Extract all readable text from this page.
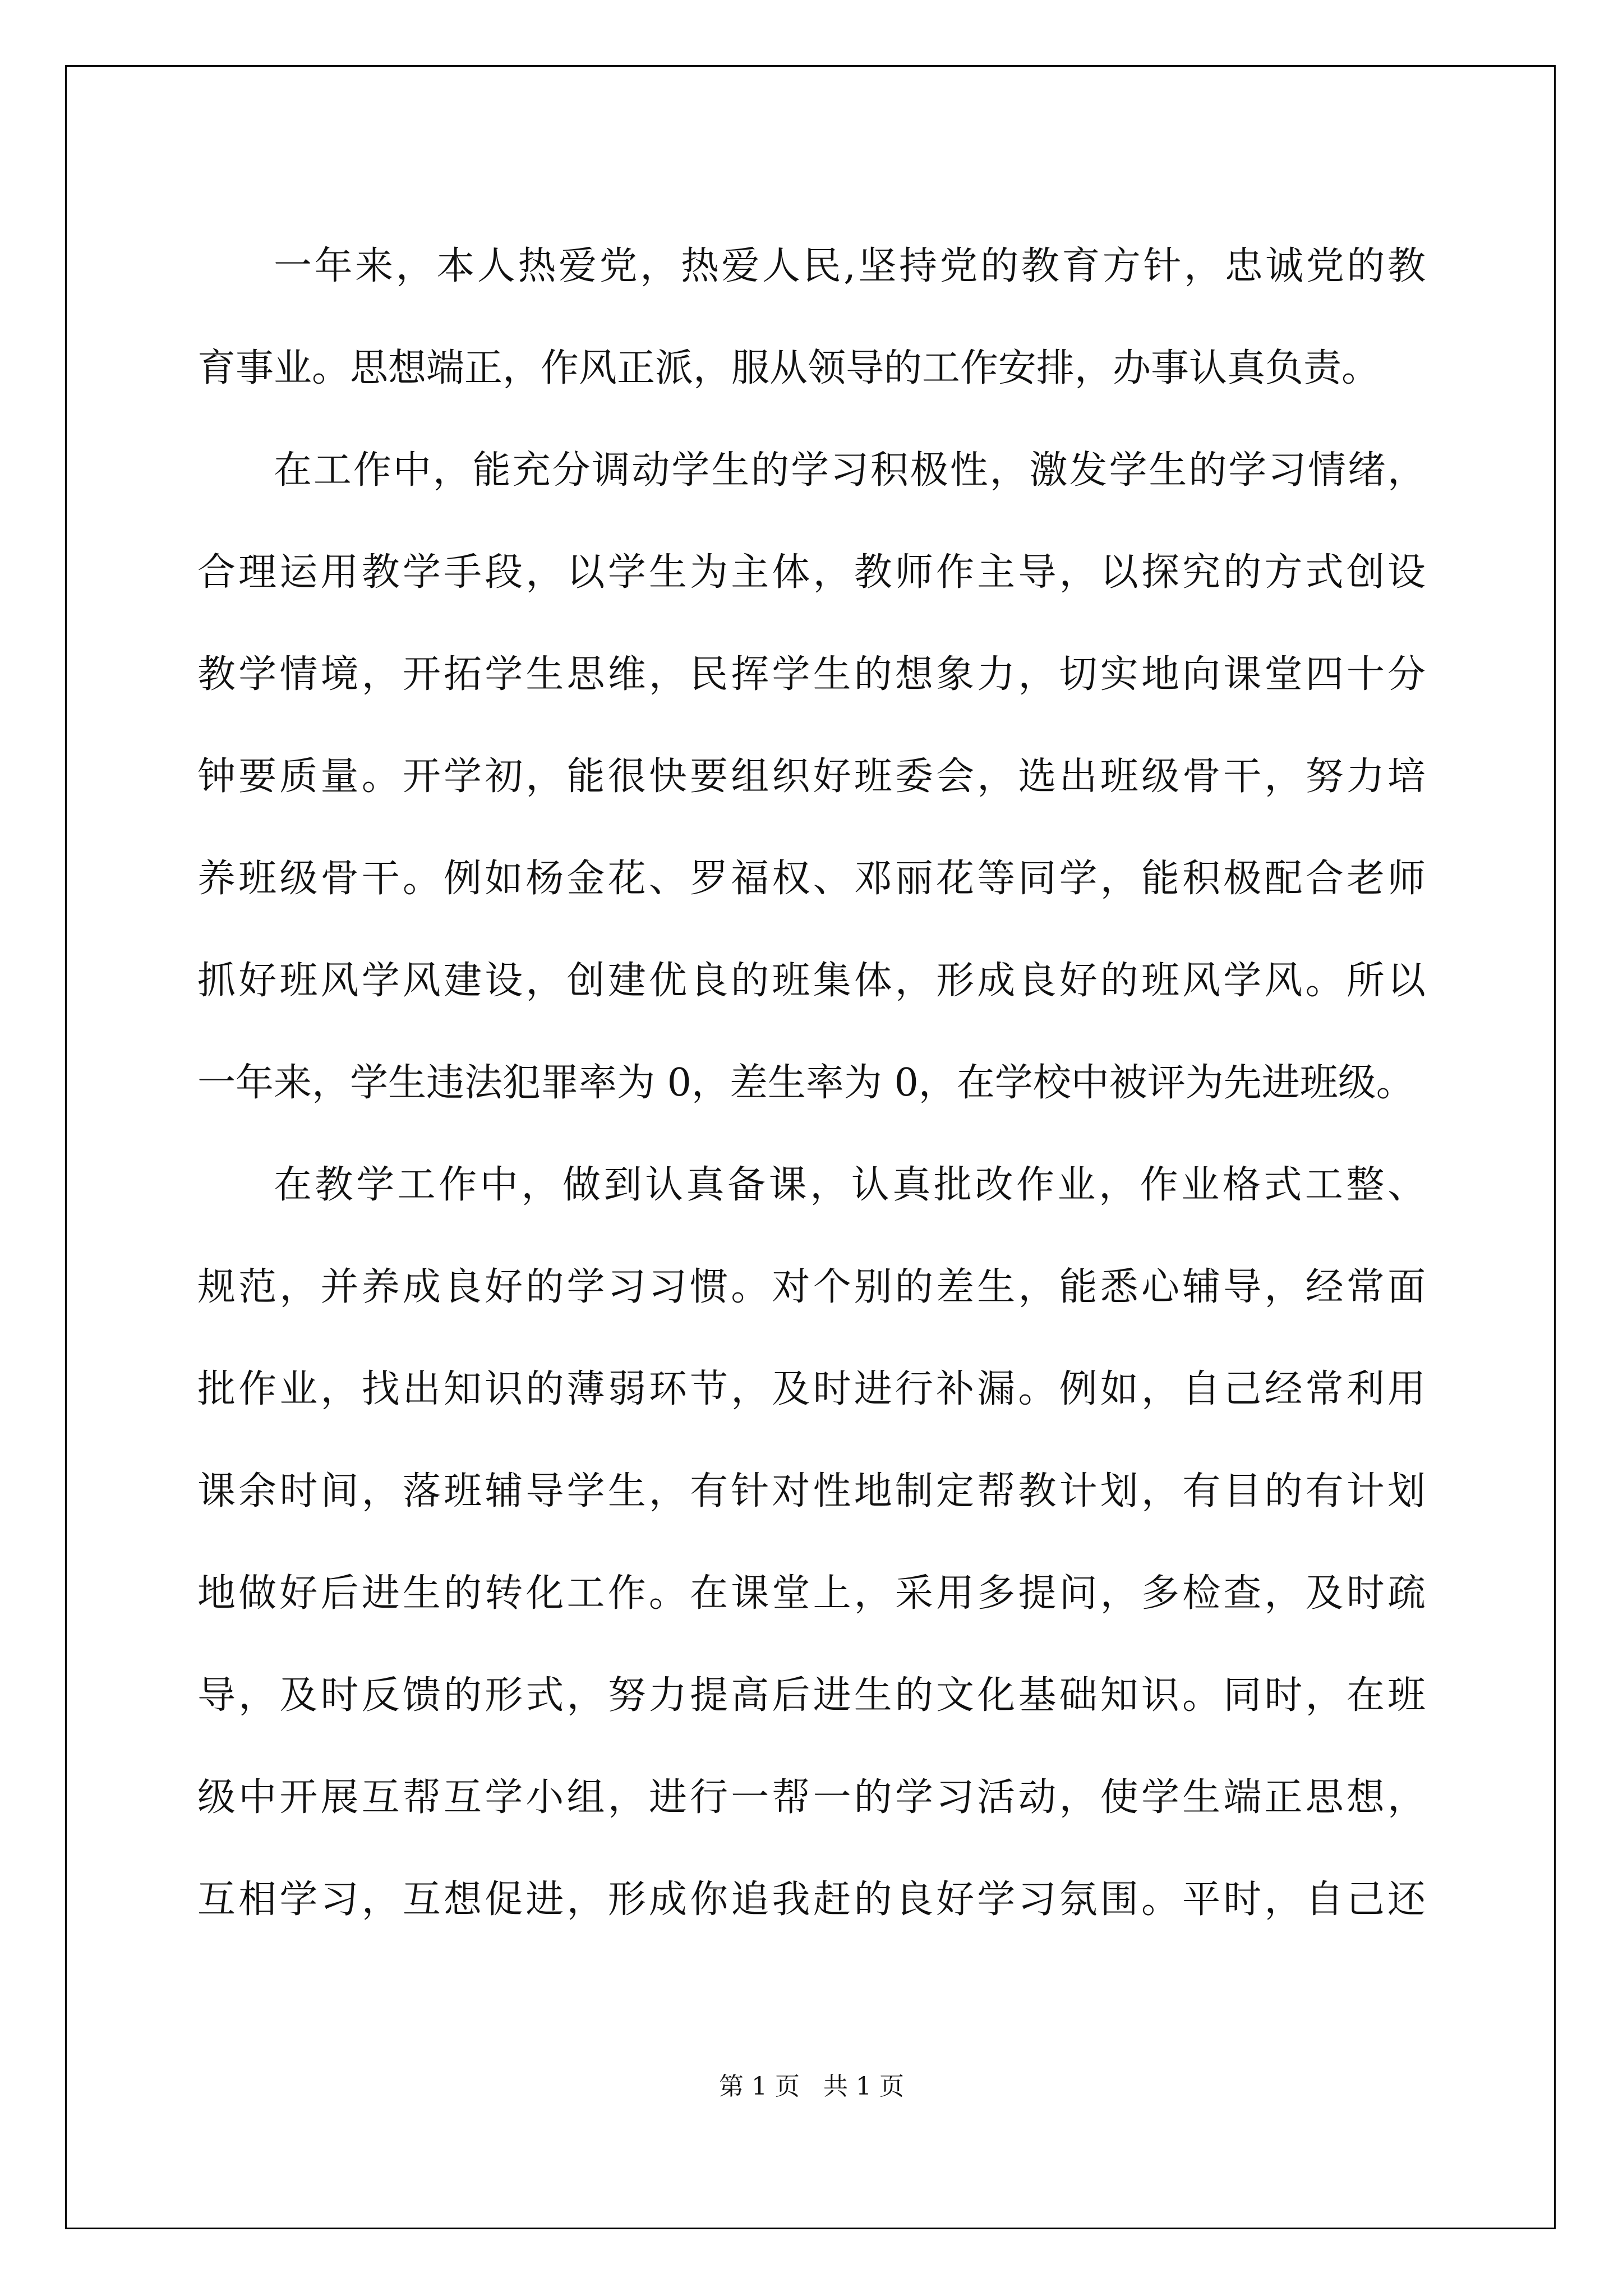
一年来，本人热爱党，热爱人民,坚持党的教育方针，忠诚党的教
育事业。思想端正，作风正派，服从领导的工作安排，办事认真负责。
在工作中，能充分调动学生的学习积极性，激发学生的学习情绪，
合理运用教学手段，以学生为主体，教师作主导，以探究的方式创设
教学情境，开拓学生思维，民挥学生的想象力，切实地向课堂四十分
钟要质量。开学初，能很快要组织好班委会，选出班级骨干，努力培
养班级骨干。例如杨金花、罗福权、邓丽花等同学，能积极配合老师
抓好班风学风建设，创建优良的班集体，形成良好的班风学风。所以
一年来，学生违法犯罪率为 0，差生率为 0，在学校中被评为先进班级。
在教学工作中，做到认真备课，认真批改作业，作业格式工整、
规范，并养成良好的学习习惯。对个别的差生，能悉心辅导，经常面
批作业，找出知识的薄弱环节，及时进行补漏。例如，自己经常利用
课余时间，落班辅导学生，有针对性地制定帮教计划，有目的有计划
地做好后进生的转化工作。在课堂上，采用多提问，多检查，及时疏
导，及时反馈的形式，努力提高后进生的文化基础知识。同时，在班
级中开展互帮互学小组，进行一帮一的学习活动，使学生端正思想，
互相学习，互想促进，形成你追我赶的良好学习氛围。平时，自己还
第 1 页 共 1 页
